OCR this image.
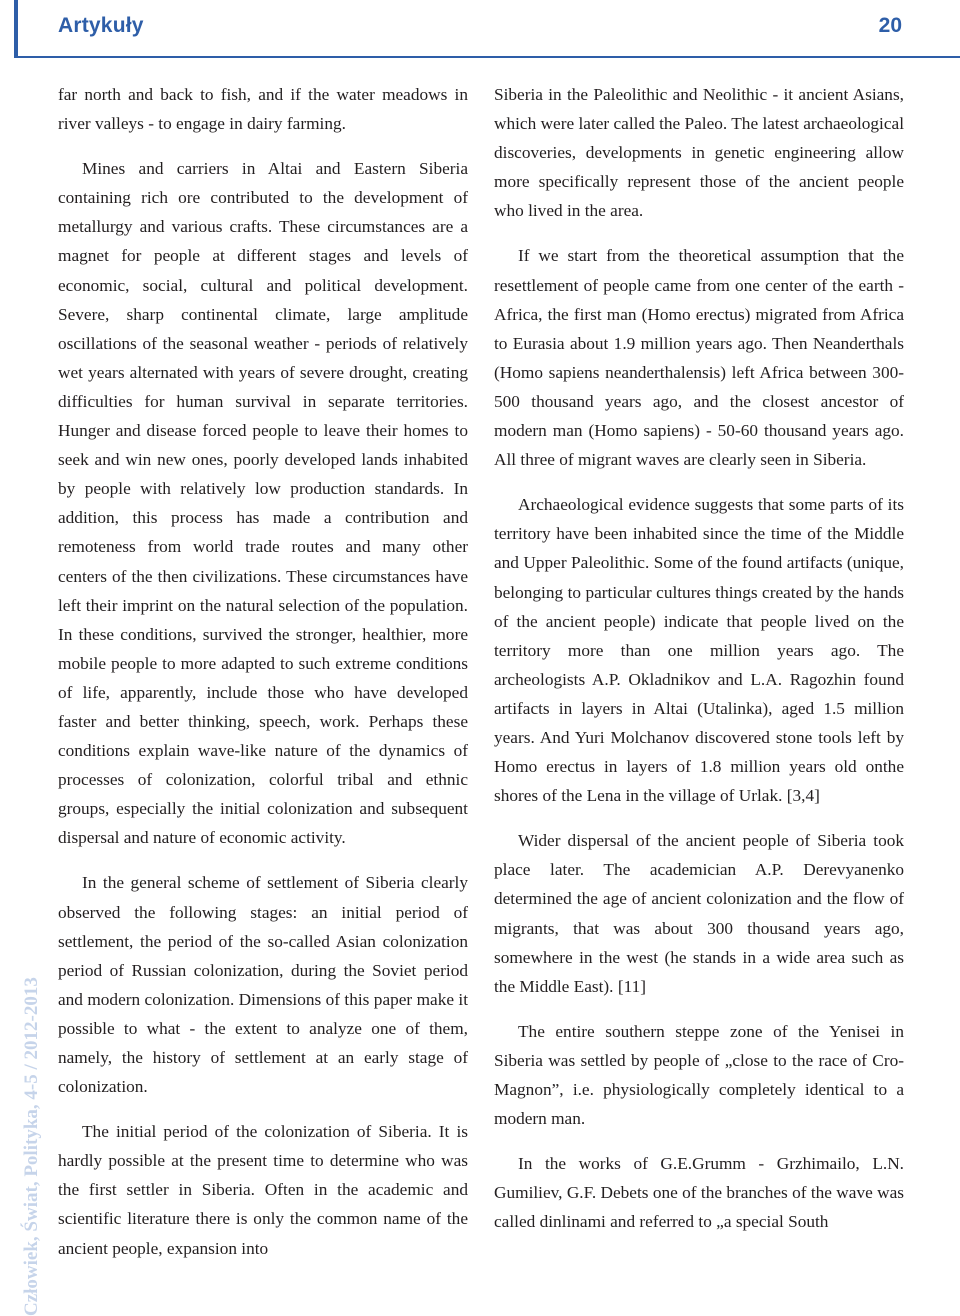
Artykuły	20
Człowiek, Świat, Polityka, 4-5 / 2012-2013

far north and back to fish, and if the water meadows in river valleys - to engage in dairy farming.

Mines and carriers in Altai and Eastern Siberia containing rich ore contributed to the development of metallurgy and various crafts. These circumstances are a magnet for people at different stages and levels of economic, social, cultural and political development. Severe, sharp continental climate, large amplitude oscillations of the seasonal weather - periods of relatively wet years alternated with years of severe drought, creating difficulties for human survival in separate territories. Hunger and disease forced people to leave their homes to seek and win new ones, poorly developed lands inhabited by people with relatively low production standards. In addition, this process has made a contribution and remoteness from world trade routes and many other centers of the then civilizations. These circumstances have left their imprint on the natural selection of the population. In these conditions, survived the stronger, healthier, more mobile people to more adapted to such extreme conditions of life, apparently, include those who have developed faster and better thinking, speech, work. Perhaps these conditions explain wave-like nature of the dynamics of processes of colonization, colorful tribal and ethnic groups, especially the initial colonization and subsequent dispersal and nature of economic activity.

In the general scheme of settlement of Siberia clearly observed the following stages: an initial period of settlement, the period of the so-called Asian colonization period of Russian colonization, during the Soviet period and modern colonization. Dimensions of this paper make it possible to what - the extent to analyze one of them, namely, the history of settlement at an early stage of colonization.

The initial period of the colonization of Siberia. It is hardly possible at the present time to determine who was the first settler in Siberia. Often in the academic and scientific literature there is only the common name of the ancient people, expansion into

Siberia in the Paleolithic and Neolithic - it ancient Asians, which were later called the Paleo. The latest archaeological discoveries, developments in genetic engineering allow more specifically represent those of the ancient people who lived in the area.

If we start from the theoretical assumption that the resettlement of people came from one center of the earth - Africa, the first man (Homo erectus) migrated from Africa to Eurasia about 1.9 million years ago. Then Neanderthals (Homo sapiens neanderthalensis) left Africa between 300-500 thousand years ago, and the closest ancestor of modern man (Homo sapiens) - 50-60 thousand years ago. All three of migrant waves are clearly seen in Siberia.

Archaeological evidence suggests that some parts of its territory have been inhabited since the time of the Middle and Upper Paleolithic. Some of the found artifacts (unique, belonging to particular cultures things created by the hands of the ancient people) indicate that people lived on the territory more than one million years ago. The archeologists A.P. Okladnikov and L.A. Ragozhin found artifacts in layers in Altai (Utalinka), aged 1.5 million years. And Yuri Molchanov discovered stone tools left by Homo erectus in layers of 1.8 million years old onthe shores of the Lena in the village of Urlak. [3,4]

Wider dispersal of the ancient people of Siberia took place later. The academician A.P. Derevyanenko determined the age of ancient colonization and the flow of migrants, that was about 300 thousand years ago, somewhere in the west (he stands in a wide area such as the Middle East). [11]

The entire southern steppe zone of the Yenisei in Siberia was settled by people of „close to the race of Cro-Magnon”, i.e. physiologically completely identical to a modern man.

In the works of G.E.Grumm - Grzhimailo, L.N. Gumiliev, G.F. Debets one of the branches of the wave was called dinlinami and referred to „a special South
